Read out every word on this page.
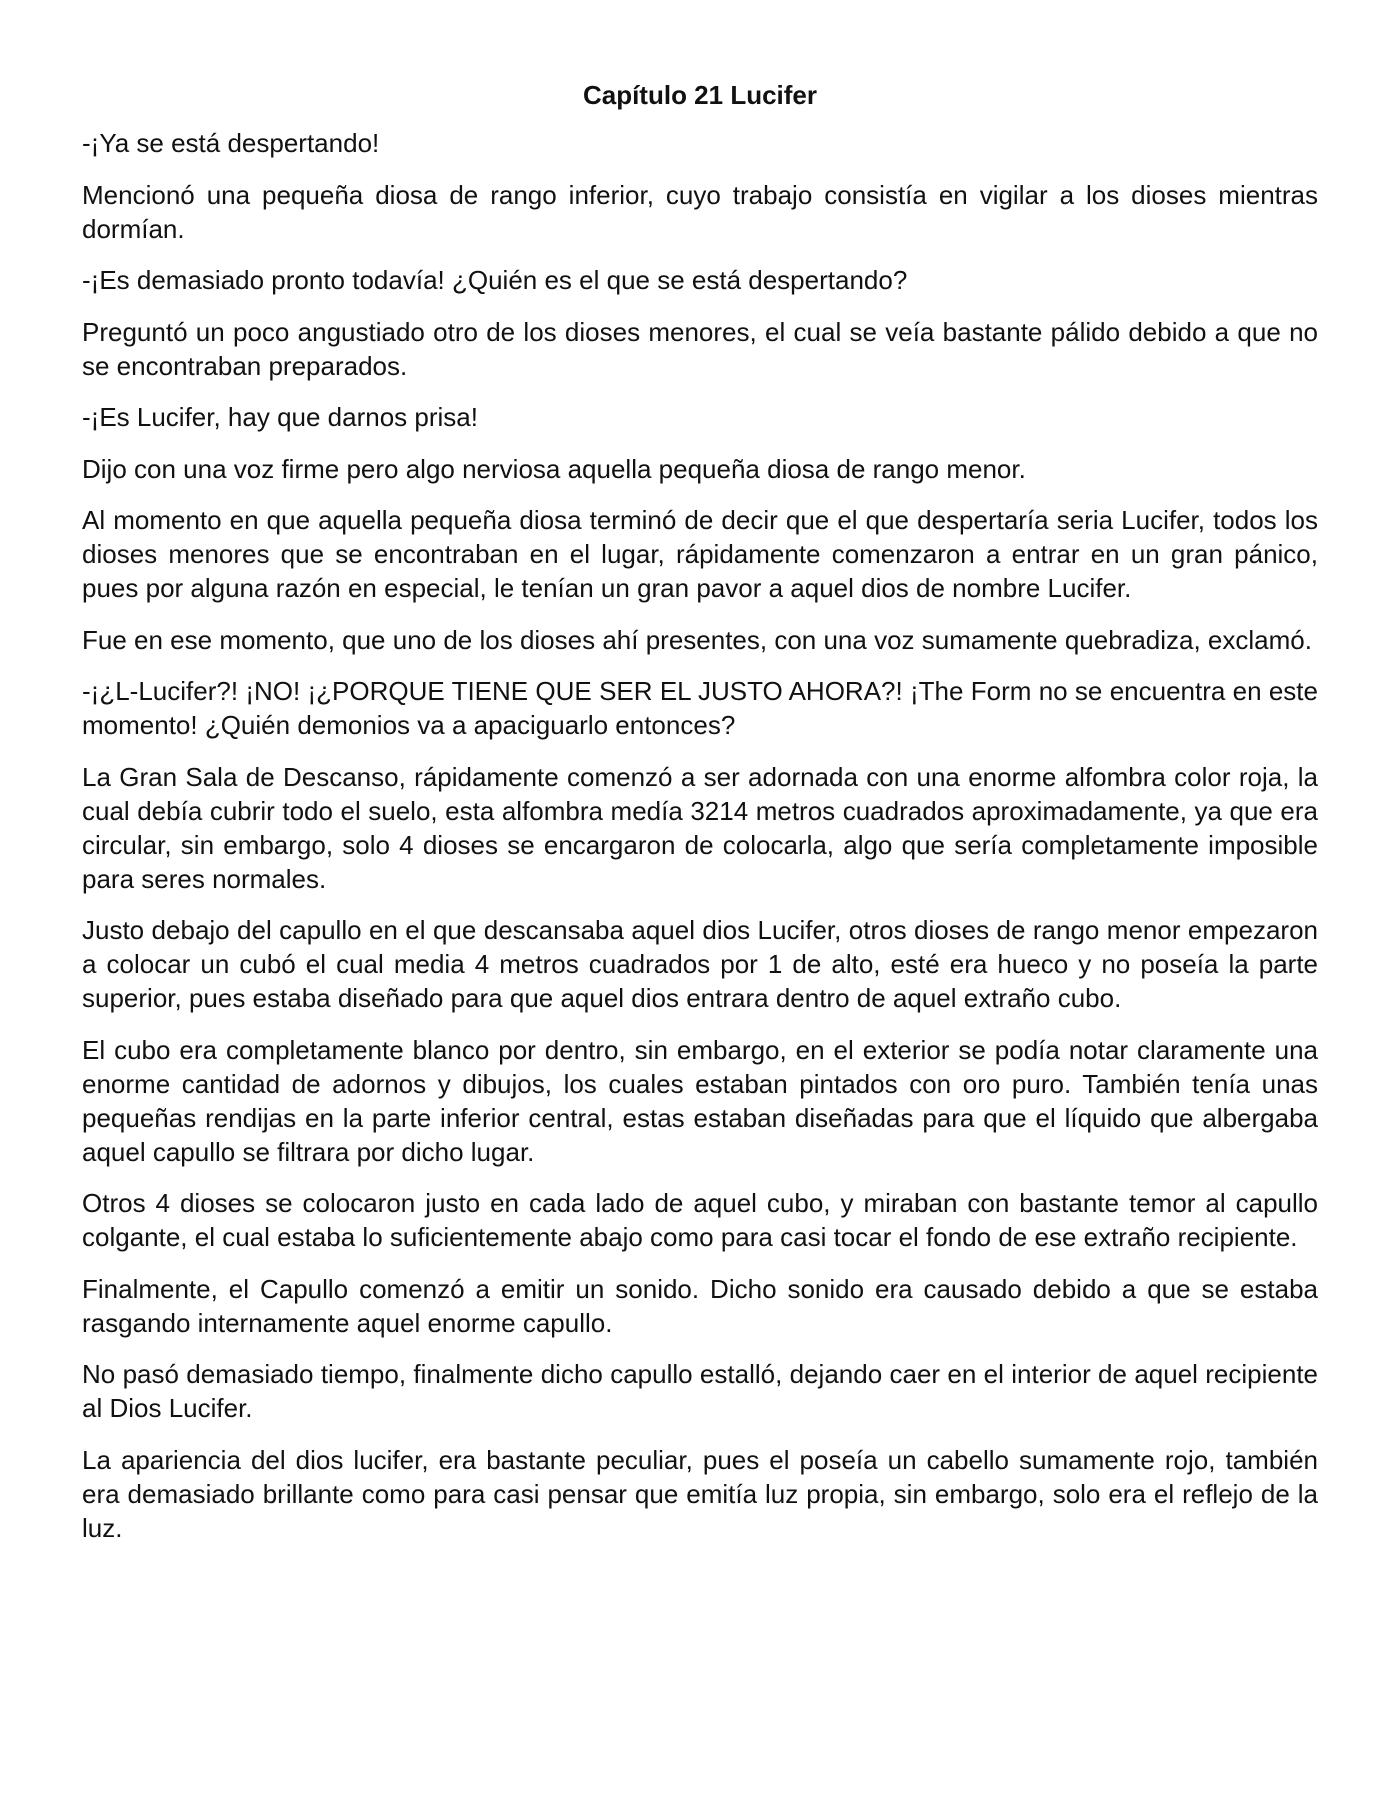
Capítulo 21 Lucifer

-¡Ya se está despertando!

Mencionó una pequeña diosa de rango inferior, cuyo trabajo consistía en vigilar a los dioses mientras dormían.

-¡Es demasiado pronto todavía! ¿Quién es el que se está despertando?

Preguntó un poco angustiado otro de los dioses menores, el cual se veía bastante pálido debido a que no se encontraban preparados.

-¡Es Lucifer, hay que darnos prisa!

Dijo con una voz firme pero algo nerviosa aquella pequeña diosa de rango menor.

Al momento en que aquella pequeña diosa terminó de decir que el que despertaría seria Lucifer, todos los dioses menores que se encontraban en el lugar, rápidamente comenzaron a entrar en un gran pánico, pues por alguna razón en especial, le tenían un gran pavor a aquel dios de nombre Lucifer.

Fue en ese momento, que uno de los dioses ahí presentes, con una voz sumamente quebradiza, exclamó.

-¡¿L-Lucifer?! ¡NO! ¡¿PORQUE TIENE QUE SER EL JUSTO AHORA?! ¡The Form no se encuentra en este momento! ¿Quién demonios va a apaciguarlo entonces?

La Gran Sala de Descanso, rápidamente comenzó a ser adornada con una enorme alfombra color roja, la cual debía cubrir todo el suelo, esta alfombra medía 3214 metros cuadrados aproximadamente, ya que era circular, sin embargo, solo 4 dioses se encargaron de colocarla, algo que sería completamente imposible para seres normales.

Justo debajo del capullo en el que descansaba aquel dios Lucifer, otros dioses de rango menor empezaron a colocar un cubó el cual media 4 metros cuadrados por 1 de alto, esté era hueco y no poseía la parte superior, pues estaba diseñado para que aquel dios entrara dentro de aquel extraño cubo.

El cubo era completamente blanco por dentro, sin embargo, en el exterior se podía notar claramente una enorme cantidad de adornos y dibujos, los cuales estaban pintados con oro puro. También tenía unas pequeñas rendijas en la parte inferior central, estas estaban diseñadas para que el líquido que albergaba aquel capullo se filtrara por dicho lugar.

Otros 4 dioses se colocaron justo en cada lado de aquel cubo, y miraban con bastante temor al capullo colgante, el cual estaba lo suficientemente abajo como para casi tocar el fondo de ese extraño recipiente.

Finalmente, el Capullo comenzó a emitir un sonido. Dicho sonido era causado debido a que se estaba rasgando internamente aquel enorme capullo.

No pasó demasiado tiempo, finalmente dicho capullo estalló, dejando caer en el interior de aquel recipiente al Dios Lucifer.

La apariencia del dios lucifer, era bastante peculiar, pues el poseía un cabello sumamente rojo, también era demasiado brillante como para casi pensar que emitía luz propia, sin embargo, solo era el reflejo de la luz.
